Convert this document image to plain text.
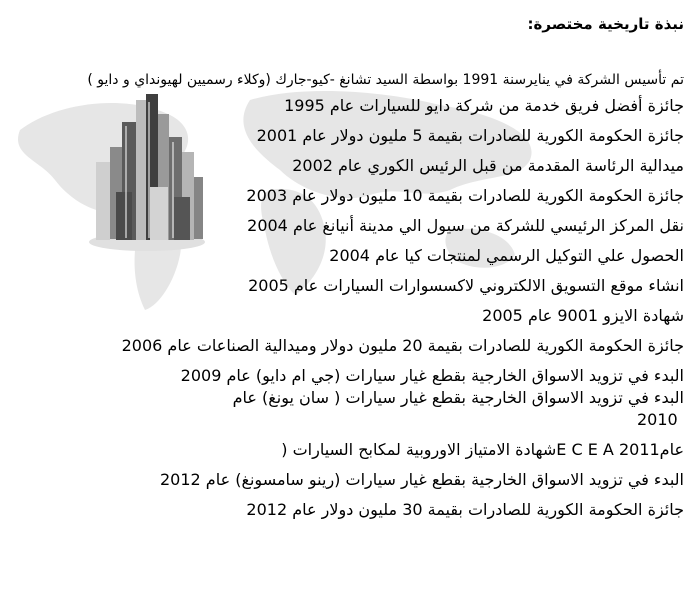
نبذة تاريخية مختصرة:
تم تأسيس الشركة في ينايرسنة 1991 بواسطة السيد تشانغ -كيو-جارك (وكلاء رسميين لهيونداي و دايو )
جائزة أفضل فريق خدمة من شركة دايو للسيارات عام 1995
جائزة الحكومة الكورية للصادرات بقيمة 5 مليون دولار عام 2001
ميدالية الرئاسة المقدمة من قبل الرئيس الكوري عام 2002
جائزة الحكومة الكورية للصادرات بقيمة 10 مليون دولار عام 2003
نقل المركز الرئيسي للشركة من سيول الي مدينة أنيانغ عام 2004
الحصول علي التوكيل الرسمي لمنتجات كيا عام 2004
انشاء موقع التسويق الالكتروني لاكسسوارات السيارات عام 2005
شهادة الايزو 9001 عام 2005
جائزة الحكومة الكورية للصادرات بقيمة 20 مليون دولار وميدالية الصناعات عام 2006
البدء في تزويد الاسواق الخارجية بقطع غيار سيارات (جي ام دايو) عام 2009
البدء في تزويد الاسواق الخارجية بقطع غيار سيارات ( سان يونغ) عام
2010
عام2011 E C E Aشهادة الامتياز الاوروبية لمكابح السيارات (
البدء في تزويد الاسواق الخارجية بقطع غيار سيارات (رينو سامسونغ) عام 2012
جائزة الحكومة الكورية للصادرات بقيمة 30 مليون دولار عام 2012
